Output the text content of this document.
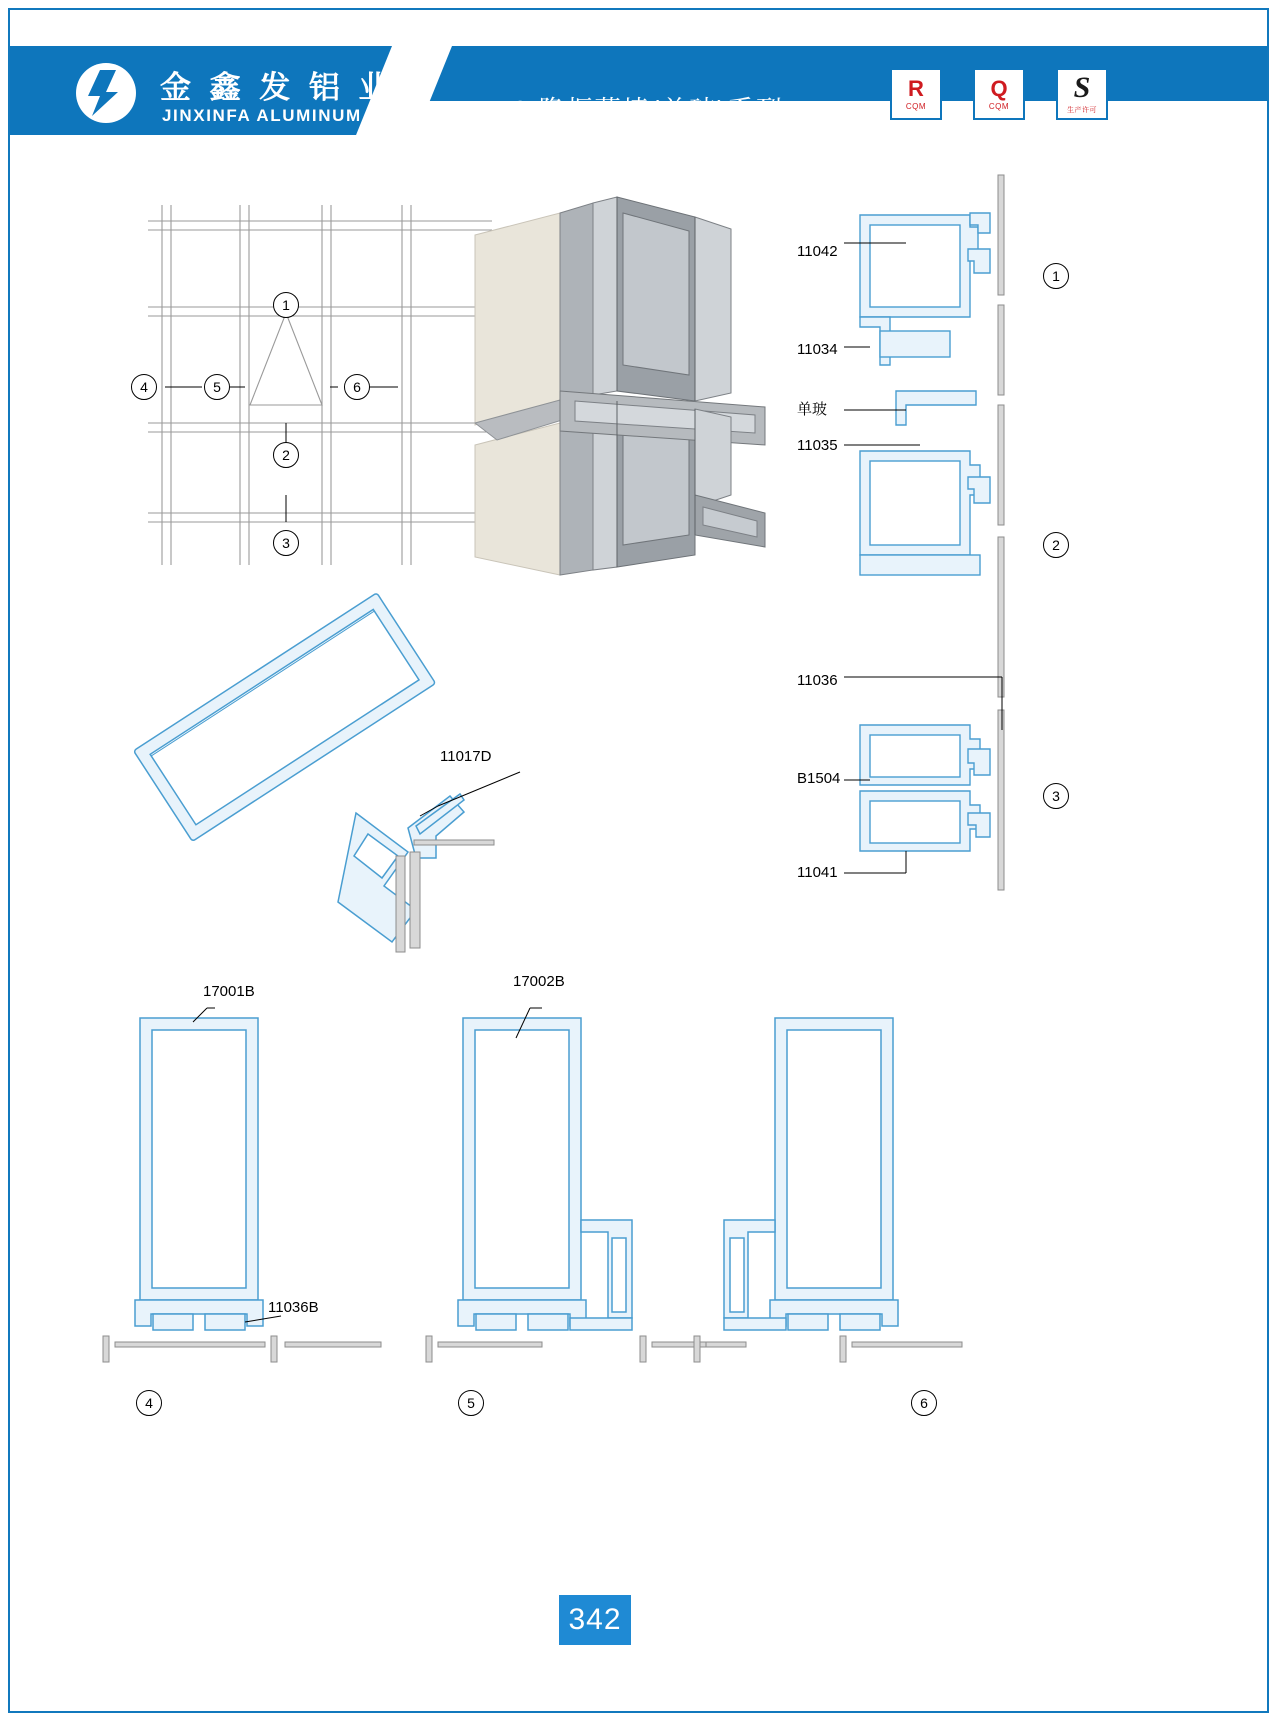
金 鑫 发 铝 业
JINXINFA ALUMINUM	170 隐框幕墙(单玻)系列
R
CQM
Q
CQM
S
生产许可
1
2
3
4	5	6
11042
11034
单玻
11035
11036
B1504
11041
1
2
3
11017D
17001B
17002B
11036B
4	5	6
342
